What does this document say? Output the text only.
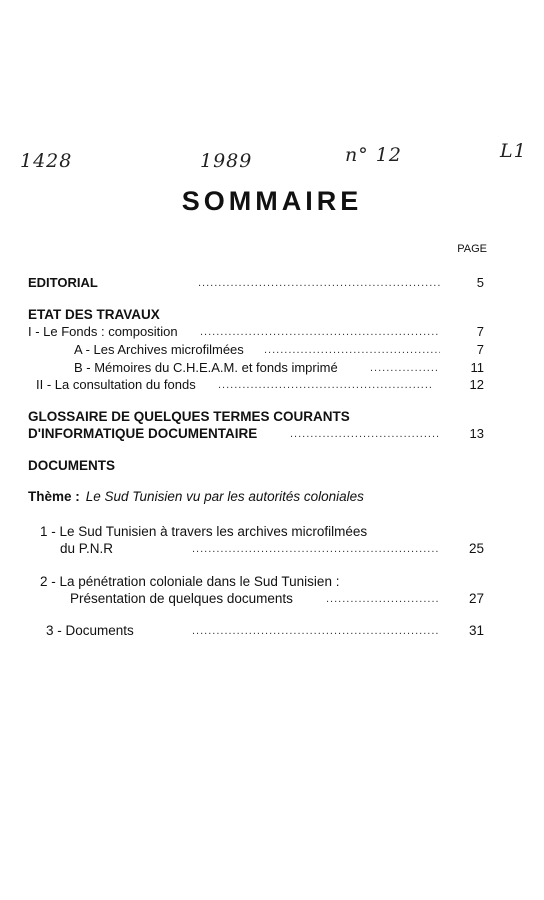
1428	1989	n° 12	L1
SOMMAIRE
PAGE
EDITORIAL .....	5
ETAT DES TRAVAUX
I - Le Fonds : composition .....	7
A - Les Archives microfilmées .....	7
B - Mémoires du C.H.E.A.M. et fonds imprimé .....	11
II - La consultation du fonds .....	12
GLOSSAIRE DE QUELQUES TERMES COURANTS
D'INFORMATIQUE DOCUMENTAIRE .....	13
DOCUMENTS
Thème : Le Sud Tunisien vu par les autorités coloniales
1 - Le Sud Tunisien à travers les archives microfilmées
du P.N.R .....	25
2 - La pénétration coloniale dans le Sud Tunisien :
Présentation de quelques documents .....	27
3 - Documents .....	31
